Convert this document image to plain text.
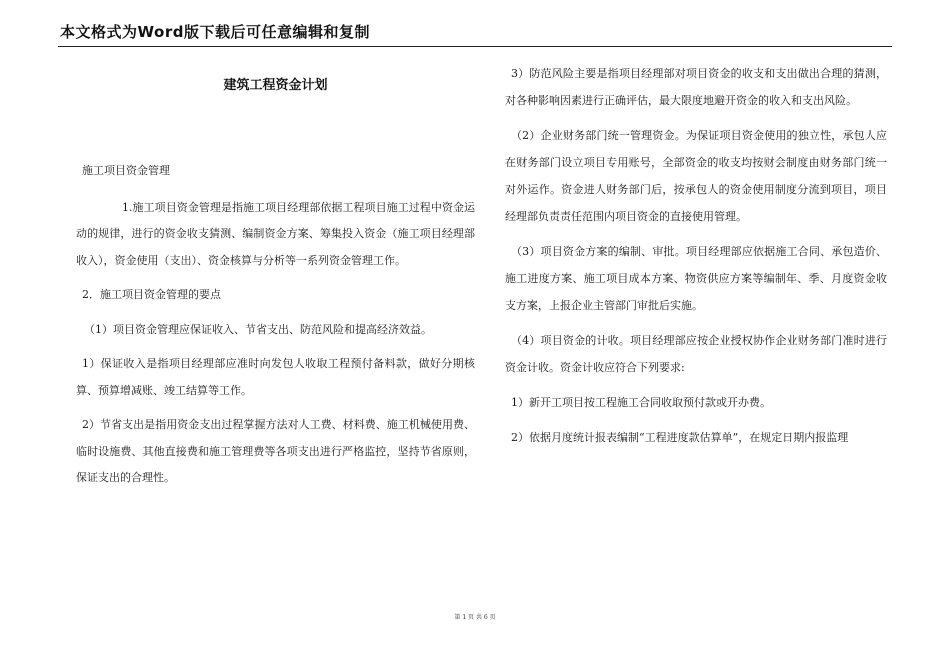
本文格式为Word版下载后可任意编辑和复制
建筑工程资金计划

施工项目资金管理

1.施工项目资金管理是指施工项目经理部依据工程项目施工过程中资金运动的规律，进行的资金收支猜测、编制资金方案、筹集投入资金（施工项目经理部收入），资金使用（支出）、资金核算与分析等一系列资金管理工作。

2．施工项目资金管理的要点

（1）项目资金管理应保证收入、节省支出、防范风险和提高经济效益。

1）保证收入是指项目经理部应准时向发包人收取工程预付备料款，做好分期核算、预算增减账、竣工结算等工作。

2）节省支出是指用资金支出过程掌握方法对人工费、材料费、施工机械使用费、临时设施费、其他直接费和施工管理费等各项支出进行严格监控，坚持节省原则，保证支出的合理性。

3）防范风险主要是指项目经理部对项目资金的收支和支出做出合理的猜测，对各种影响因素进行正确评估，最大限度地避开资金的收入和支出风险。

（2）企业财务部门统一管理资金。为保证项目资金使用的独立性，承包人应在财务部门设立项目专用账号，全部资金的收支均按财会制度由财务部门统一对外运作。资金进人财务部门后，按承包人的资金使用制度分流到项目，项目经理部负责责任范围内项目资金的直接使用管理。

（3）项目资金方案的编制、审批。项目经理部应依据施工合同、承包造价、施工进度方案、施工项目成本方案、物资供应方案等编制年、季、月度资金收支方案，上报企业主管部门审批后实施。

（4）项目资金的计收。项目经理部应按企业授权协作企业财务部门准时进行资金计收。资金计收应符合下列要求:

1）新开工项目按工程施工合同收取预付款或开办费。

2）依据月度统计报表编制“工程进度款估算单”，在规定日期内报监理

第 1 页 共 6 页
